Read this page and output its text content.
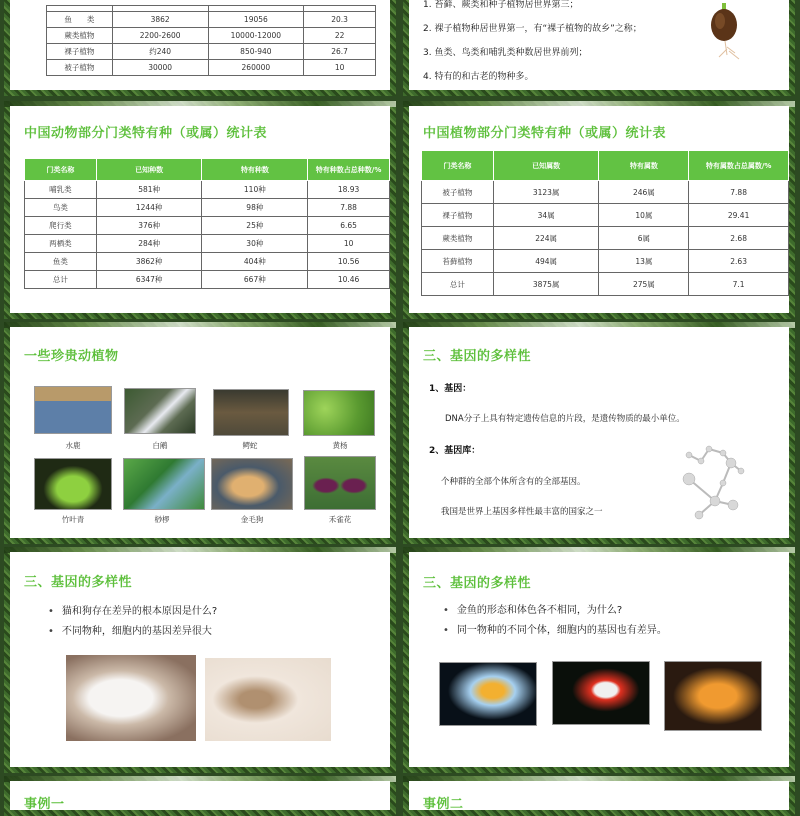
鱼　　类	3862	19056	20.3
蕨类植物	2200-2600	10000-12000	22
裸子植物	约240	850-940	26.7
被子植物	30000	260000	10
1. 苔藓、蕨类和种子植物居世界第三；
2. 裸子植物种居世界第一，有“裸子植物的故乡”之称；
3. 鱼类、鸟类和哺乳类种数居世界前列；
4. 特有的和古老的物种多。
中国动物部分门类特有种（或属）统计表
门类名称	已知种数	特有种数	特有种数占总种数/%
哺乳类	581种	110种	18.93
鸟类	1244种	98种	7.88
爬行类	376种	25种	6.65
两栖类	284种	30种	10
鱼类	3862种	404种	10.56
总计	6347种	667种	10.46
中国植物部分门类特有种（或属）统计表
门类名称	已知属数	特有属数	特有属数占总属数/%
被子植物	3123属	246属	7.88
裸子植物	34属	10属	29.41
蕨类植物	224属	6属	2.68
苔藓植物	494属	13属	2.63
总计	3875属	275属	7.1
一些珍贵动植物
水鹿	白鹇	鳄蛇	黄杨
竹叶青	桫椤	金毛狗	禾雀花
三、基因的多样性
1、基因：
DNA分子上具有特定遗传信息的片段，是遗传物质的最小单位。
2、基因库：
个种群的全部个体所含有的全部基因。
我国是世界上基因多样性最丰富的国家之一
三、基因的多样性
• 猫和狗存在差异的根本原因是什么?
• 不同物种，细胞内的基因差异很大
三、基因的多样性
• 金鱼的形态和体色各不相同，为什么?
• 同一物种的不同个体，细胞内的基因也有差异。
事例一	事例二
